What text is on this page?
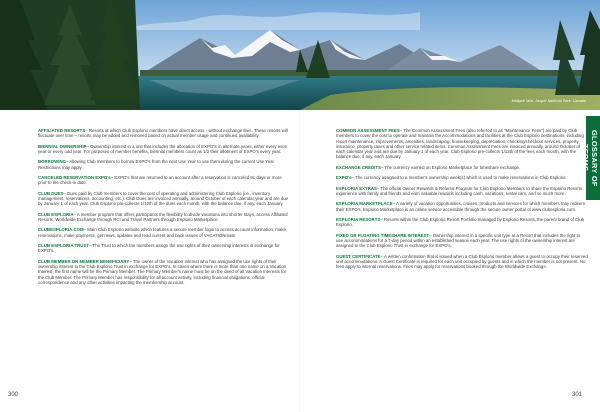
Maligne lake, Jasper National Park, Canada
GLOSSARY OF TERMS

AFFILIATED RESORTS– Resorts at which Club Esplorio members have direct access - without exchange fees. These resorts will fluctuate over time – resorts may be added and removed based on actual member usage and continued availability.

BIENNIAL OWNERSHIP– Ownership interest in a unit that includes the allocation of EXPO'S in alternate years, either every even year or every odd year. For purposes of member benefits, biennial members count as 1/2 their allotment of EXPO's every year.

BORROWING– Allowing Club members to borrow EXPO's from the next Use Year to use them during the current Use Year. Restrictions may apply.

CANCELED RESERVATION EXPO's– EXPO's that are returned to an account after a reservation is canceled 91 days or more prior to the check-in date.

CLUB DUES– Dues paid by Club members to cover the cost of operating and administering Club Esplorio (i.e., inventory management, reservations, accounting, etc.). Club Dues are invoiced annually, around October of each calendar year and are due by January 1 of each year. Club Esplorio pre-collects 1/12th of the dues each month, with the balance due, if any, each January.

CLUB ESPLORIA– A member program that offers participants the flexibility to divide vacations into shorter stays, access Affiliated Resorts, Worldwide Exchange through RCI and Travel Partners through Esplorio Marketplace.

CLUBESPLORIA.COM– Main Club Esplorio website which features a secure member login to access account information, make reservations, make payments, get news, updates and read current and back issues of VACATIONmate.

CLUB ESPLORIA TRUST– The Trust to which the members assign the use rights of their ownership interests in exchange for EXPO's.

CLUB MEMBER OR MEMBER BENEFICIARY– The owner of the Vacation Interest who has assigned the use rights of their ownership interest to the Club Esplorio Trust in exchange for EXPO's. In cases where there is more than one name on a Vacation Interest, the first name will be the Primary Member. The Primary Member's name must be on the deed of all Vacation Interests for the Club Member. The Primary Member has responsibility for all account activity, including financial obligations, official correspondence and any other activities impacting the membership account.

COMMON ASSESSMENT FEES– The Common Assessment Fees (also referred to as "Maintenance Fees") are paid by Club members to cover the cost to operate and maintain the Accommodations and facilities at the Club Esplorio destinations, including resort maintenance, improvements, amenities, landscaping, housekeeping, depreciation, checking/checkout services, property insurance, property taxes and other service related items. Common Assessment Fees are invoiced annually, around October of each calendar year and are due by January 1 of each year. Club Esplorio pre-collects 1/12th of the fees each month, with the balance due, if any, each January.

EXCHANGE CREDITS– The currency earned on Esplorio Marketplace for timeshare exchange.

EXPO's– The currency assigned to a member's ownership week(s) which is used to make reservations in Club Esplorio.

ESPLORIA EXTRAS– The official Owner Rewards & Referral Program for Club Esplorio Members to share the Esplorio Resorts experience with family and friends and earn valuable rewards including cash, vacations, rental cars, and so much more.

ESPLORIA MARKETPLACE– A variety of vacation opportunities, cruises, products and services for which members may redeem their EXPO's. Esplorio Marketplace is an online service accessible through the secure owner portal of www.clubesploria.com.

ESPLORIA RESORTS– Resorts within the Club Esplorio Resort Portfolio managed by Esplorio Resorts, the parent brand of Club Esplorio.

FIXED OR FLOATING TIMESHARE INTEREST– Ownership interest in a specific unit type at a Resort that includes the right to use accommodations for a 7-day period within an established season each year. The use rights of the ownership interest are assigned to the Club Esplorio Trust in exchange for EXPO's.

GUEST CERTIFICATE– A written confirmation that is issued when a Club Esplorio member allows a guest to occupy their reserved unit accommodations. A Guest Certificate is required for each unit occupied by guests and in which the member is not present. No fees apply to internal reservations. Fees may apply for reservations booked through the Worldwide Exchange.

300	301
